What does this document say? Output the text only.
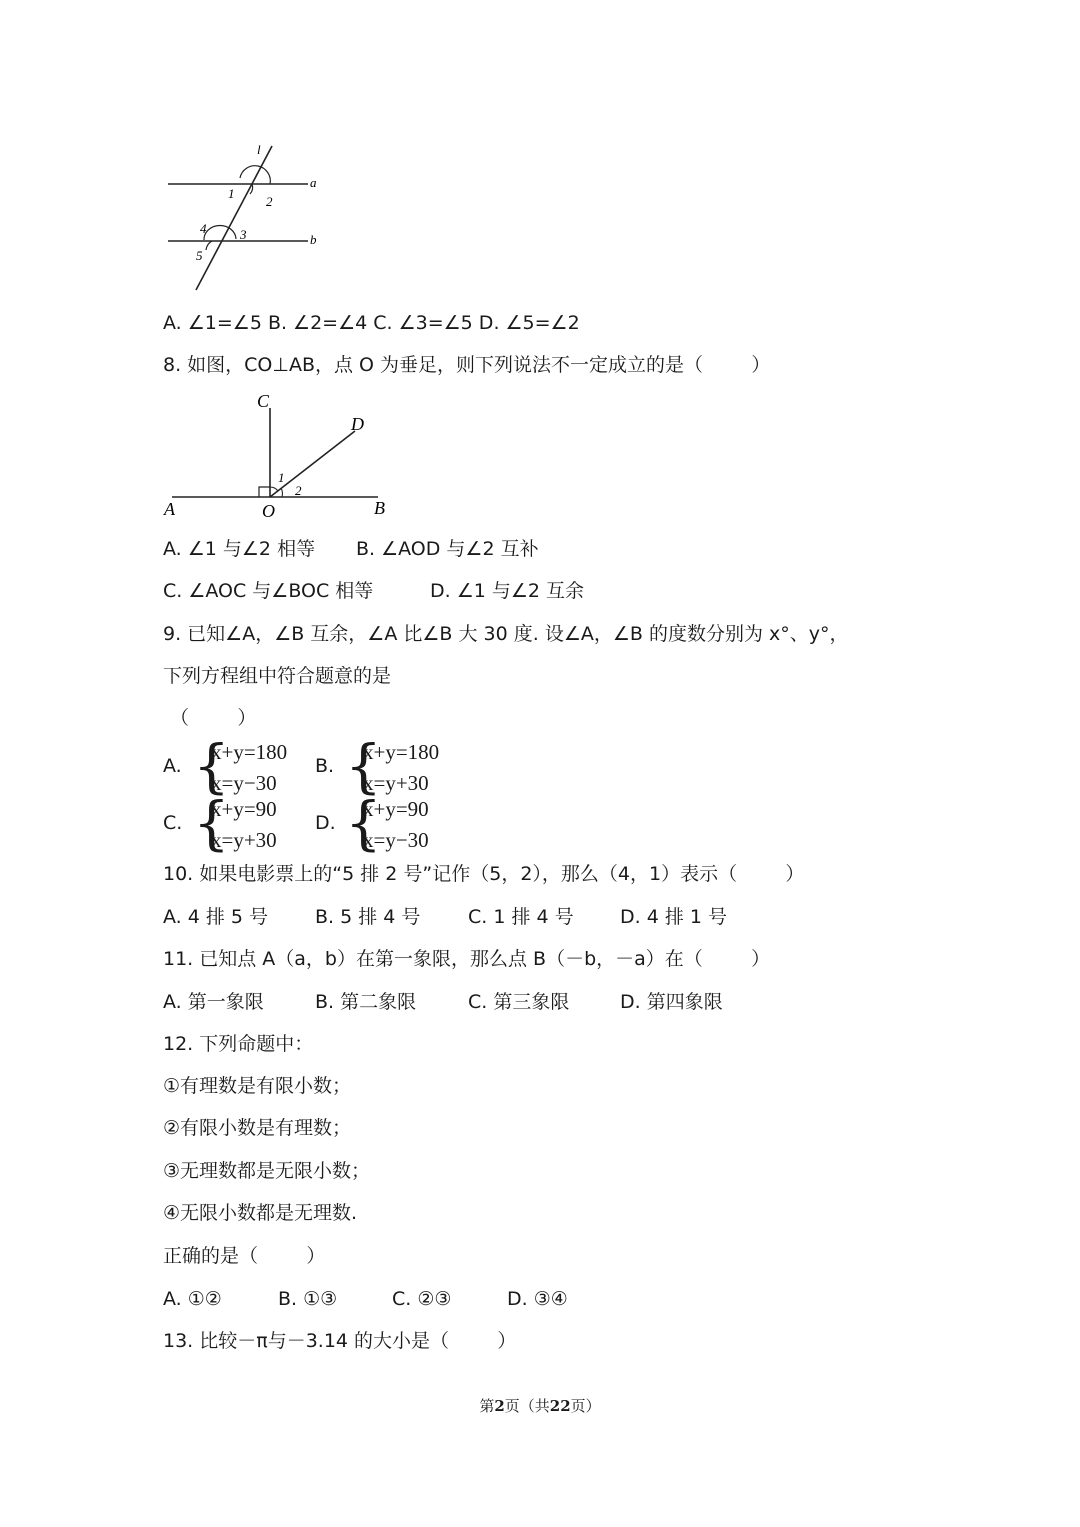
l
a
b
1
2
3
4
5
A. ∠1=∠5 B. ∠2=∠4 C. ∠3=∠5 D. ∠5=∠2
8. 如图，CO⊥AB，点 O 为垂足，则下列说法不一定成立的是（        ）
C
D
1
2
A	O	B
A. ∠1 与∠2 相等 B. ∠AOD 与∠2 互补
C. ∠AOC 与∠BOC 相等	D. ∠1 与∠2 互余
9. 已知∠A，∠B 互余，∠A 比∠B 大 30 度. 设∠A，∠B 的度数分别为 x°、y°，
下列方程组中符合题意的是
（        ）
A. {
x+y=180
x=y−30
B. {
x+y=180
x=y+30
C. {
x+y=90
x=y+30
D. {
x+y=90
x=y−30
10. 如果电影票上的“5 排 2 号”记作（5，2），那么（4，1）表示（        ）
A. 4 排 5 号 B. 5 排 4 号	C. 1 排 4 号 D. 4 排 1 号
11. 已知点 A（a，b）在第一象限，那么点 B（－b，－a）在（        ）
A. 第一象限	B. 第二象限	C. 第三象限	D. 第四象限
12. 下列命题中：
①有理数是有限小数；
②有限小数是有理数；
③无理数都是无限小数；
④无限小数都是无理数.
正确的是（        ）
A. ①②	B. ①③	C. ②③	D. ③④
13. 比较－π与－3.14 的大小是（        ）
第2页（共22页）
